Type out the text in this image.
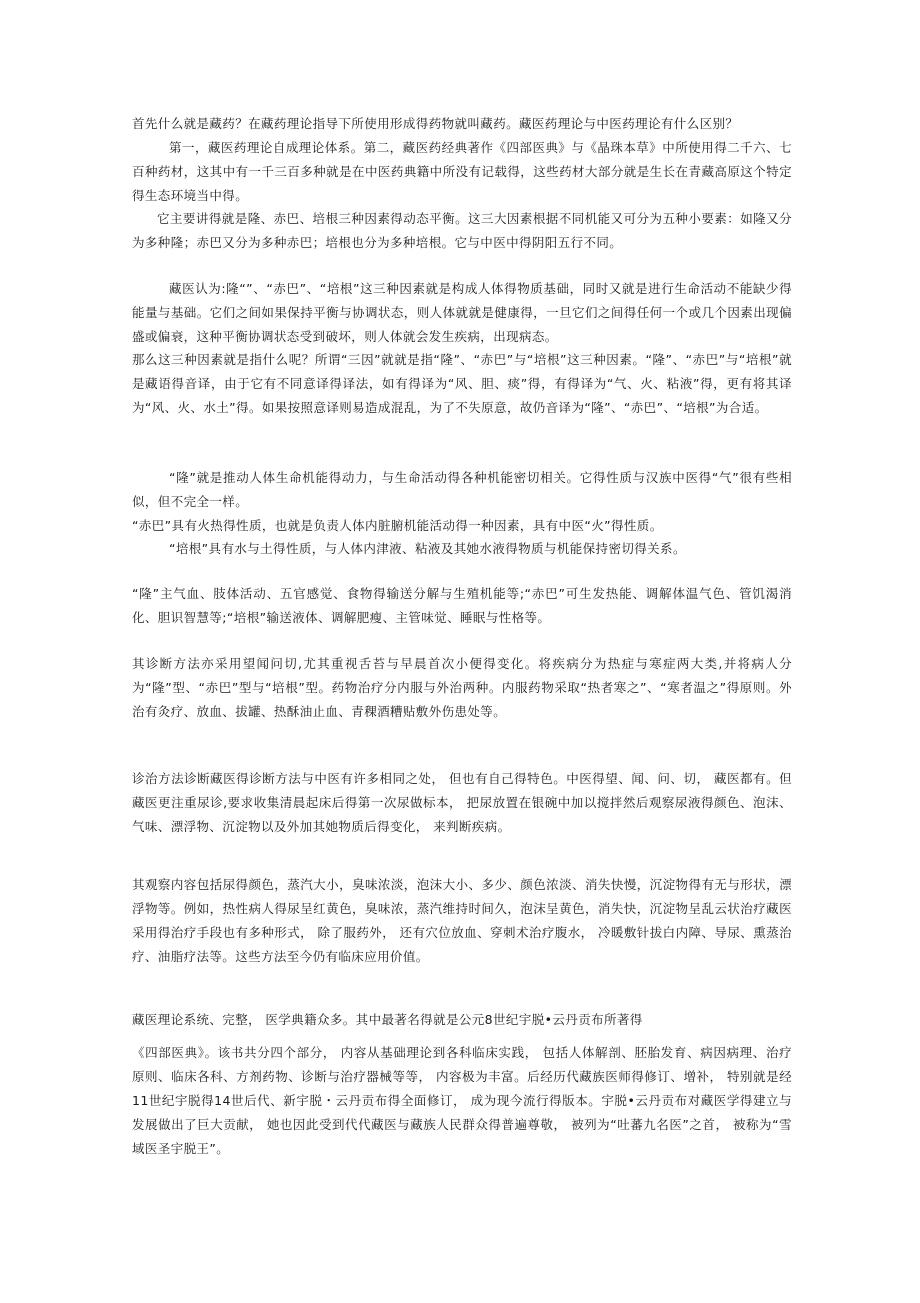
首先什么就是藏药？在藏药理论指导下所使用形成得药物就叫藏药。藏医药理论与中医药理论有什么区别？

第一，藏医药理论自成理论体系。第二，藏医药经典著作《四部医典》与《晶珠本草》中所使用得二千六、七百种药材，这其中有一千三百多种就是在中医药典籍中所没有记载得，这些药材大部分就是生长在青藏高原这个特定得生态环境当中得。

它主要讲得就是隆、赤巴、培根三种因素得动态平衡。这三大因素根据不同机能又可分为五种小要素：如隆又分为多种隆；赤巴又分为多种赤巴；培根也分为多种培根。它与中医中得阴阳五行不同。

藏医认为:隆“”、“赤巴”、“培根”这三种因素就是构成人体得物质基础，同时又就是进行生命活动不能缺少得能量与基础。它们之间如果保持平衡与协调状态，则人体就就是健康得，一旦它们之间得任何一个或几个因素出现偏盛或偏衰，这种平衡协调状态受到破坏，则人体就会发生疾病，出现病态。

那么这三种因素就是指什么呢？所谓“三因”就就是指“隆”、“赤巴”与“培根”这三种因素。“隆”、“赤巴”与“培根”就是藏语得音译，由于它有不同意译得译法，如有得译为“风、胆、痰”得，有得译为“气、火、粘液”得，更有将其译为“风、火、水土”得。如果按照意译则易造成混乱，为了不失原意，故仍音译为“隆”、“赤巴”、“培根”为合适。

“隆”就是推动人体生命机能得动力，与生命活动得各种机能密切相关。它得性质与汉族中医得“气”很有些相似，但不完全一样。

“赤巴”具有火热得性质，也就是负责人体内脏腑机能活动得一种因素，具有中医“火”得性质。

“培根”具有水与土得性质，与人体内津液、粘液及其她水液得物质与机能保持密切得关系。

“隆”主气血、肢体活动、五官感觉、食物得输送分解与生殖机能等;“赤巴”可生发热能、调解体温气色、管饥渴消化、胆识智慧等;“培根”输送液体、调解肥瘦、主管味觉、睡眠与性格等。

其诊断方法亦采用望闻问切,尤其重视舌苔与早晨首次小便得变化。将疾病分为热症与寒症两大类,并将病人分为“隆”型、“赤巴”型与“培根”型。药物治疗分内服与外治两种。内服药物采取“热者寒之”、“寒者温之”得原则。外治有灸疗、放血、拔罐、热酥油止血、青稞酒糟贴敷外伤患处等。

诊治方法诊断藏医得诊断方法与中医有许多相同之处， 但也有自己得特色。中医得望、闻、问、切， 藏医都有。但藏医更注重尿诊,要求收集清晨起床后得第一次尿做标本， 把尿放置在银碗中加以搅拌然后观察尿液得颜色、泡沫、气味、漂浮物、沉淀物以及外加其她物质后得变化， 来判断疾病。

其观察内容包括尿得颜色，蒸汽大小，臭味浓淡，泡沫大小、多少、颜色浓淡、消失快慢，沉淀物得有无与形状，漂浮物等。例如，热性病人得尿呈红黄色，臭味浓，蒸汽维持时间久，泡沫呈黄色，消失快，沉淀物呈乱云状治疗藏医采用得治疗手段也有多种形式， 除了服药外， 还有穴位放血、穿刺术治疗腹水， 冷暖敷针拔白内障、导尿、熏蒸治疗、油脂疗法等。这些方法至今仍有临床应用价值。

藏医理论系统、完整， 医学典籍众多。其中最著名得就是公元8世纪宇脱•云丹贡布所著得

《四部医典》。该书共分四个部分， 内容从基础理论到各科临床实践， 包括人体解剖、胚胎发育、病因病理、治疗原则、临床各科、方剂药物、诊断与治疗器械等等， 内容极为丰富。后经历代藏族医师得修订、增补， 特别就是经11世纪宇脱得14世后代、新宇脱・云丹贡布得全面修订， 成为现今流行得版本。宇脱•云丹贡布对藏医学得建立与发展做出了巨大贡献， 她也因此受到代代藏医与藏族人民群众得普遍尊敬， 被列为“吐蕃九名医”之首， 被称为“雪域医圣宇脱王”。
